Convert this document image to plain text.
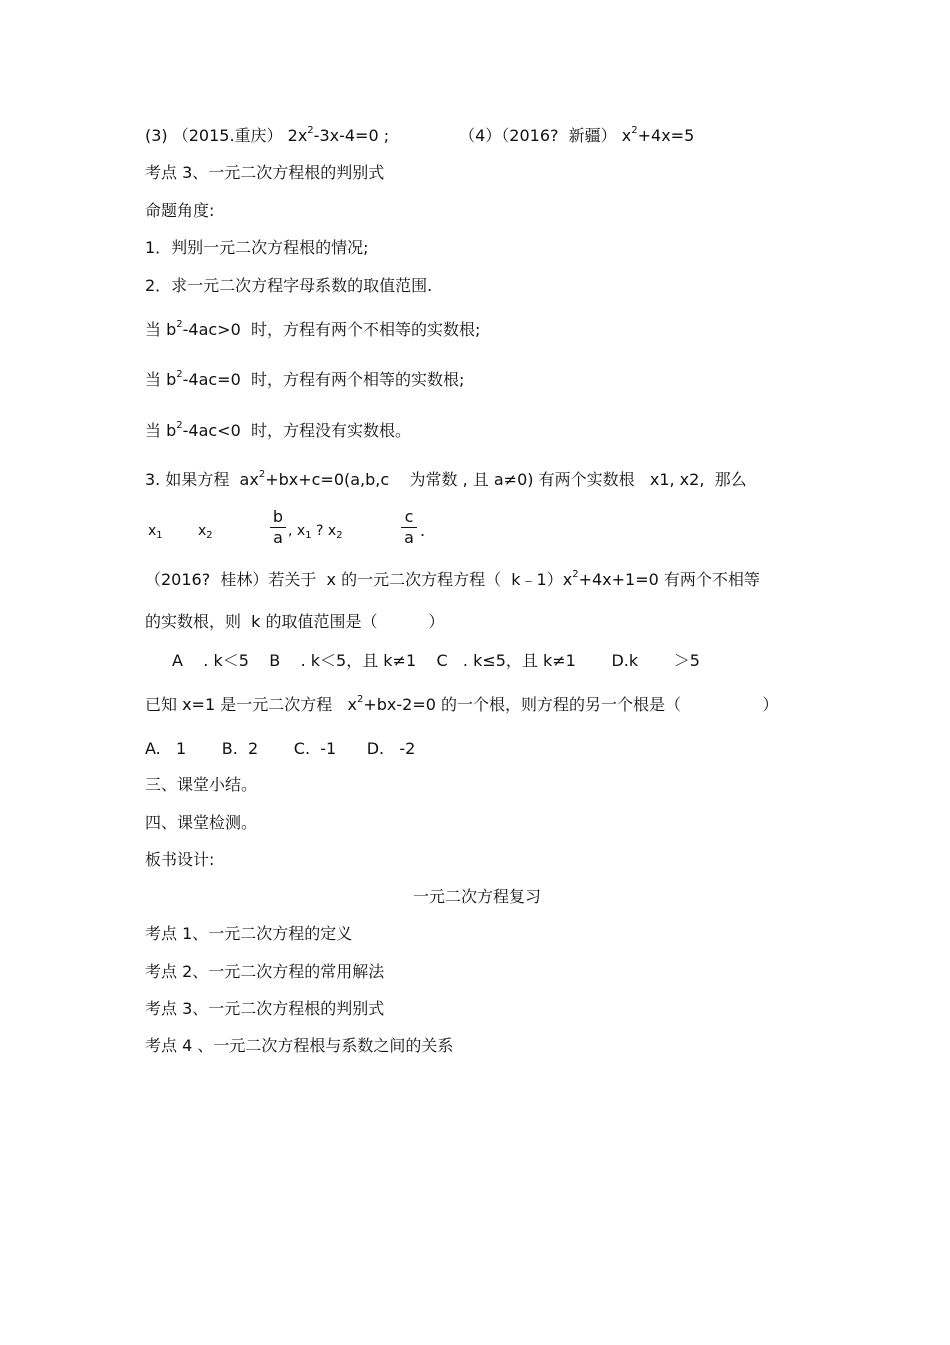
(3) （2015.重庆） $2x^2-3x-4=0$ ;	（4）（2016?  新疆） $x^2+4x=5$
考点 3、一元二次方程根的判别式
命题角度:
1．判别一元二次方程根的情况;
2．求一元二次方程字母系数的取值范围.
当 $b^2-4ac>0$  时，方程有两个不相等的实数根;
当 $b^2-4ac=0$  时，方程有两个相等的实数根;
当 $b^2-4ac<0$  时，方程没有实数根。
3. 如果方程  $ax^2+bx+c=0(a,b,c$    为常数 , 且 a≠0) 有两个实数根   x1, x2,  那么
$x_1$	$x_2$
b
a , $x_1$ ? $x_2$
c
a .
（2016?  桂林）若关于  x 的一元二次方程方程（  $k﹣1)x^2+4x+1=0$ 有两个不相等
的实数根，则  k 的取值范围是（          ）
A    . k＜5    B    . k＜5，且 k≠1    C   . k≤5，且 k≠1       D.k       ＞5
已知 x=1 是一元二次方程   $x^2+bx-2=0$ 的一个根，则方程的另一个根是（                ）
A.   1       B.  2       C.  -1      D.   -2
三、课堂小结。
四、课堂检测。
板书设计:
一元二次方程复习
考点 1、一元二次方程的定义
考点 2、一元二次方程的常用解法
考点 3、一元二次方程根的判别式
考点 4 、一元二次方程根与系数之间的关系
